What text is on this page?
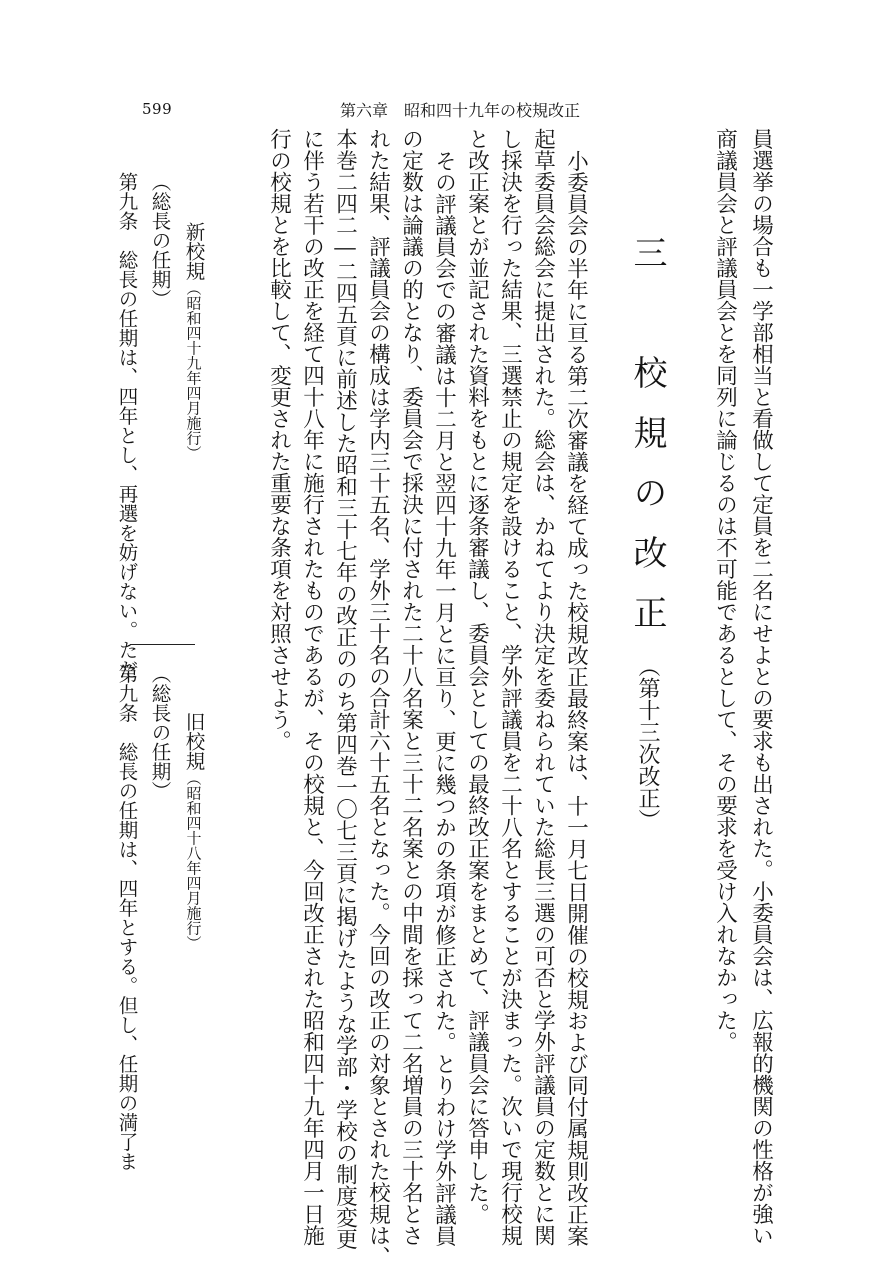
599	第六章　昭和四十九年の校規改正
員選挙の場合も一学部相当と看做して定員を二名にせよとの要求も出された。小委員会は、広報的機関の性格が強い
商議員会と評議員会とを同列に論じるのは不可能であるとして、その要求を受け入れなかった。
三　校規の改正（第十三次改正）
小委員会の半年に亘る第二次審議を経て成った校規改正最終案は、十一月七日開催の校規および同付属規則改正案
起草委員会総会に提出された。総会は、かねてより決定を委ねられていた総長三選の可否と学外評議員の定数とに関
し採決を行った結果、三選禁止の規定を設けること、学外評議員を二十八名とすることが決まった。次いで現行校規
と改正案とが並記された資料をもとに逐条審議し、委員会としての最終改正案をまとめて、評議員会に答申した。
その評議員会での審議は十二月と翌四十九年一月とに亘り、更に幾つかの条項が修正された。とりわけ学外評議員
の定数は論議の的となり、委員会で採決に付された二十八名案と三十二名案との中間を採って二名増員の三十名とさ
れた結果、評議員会の構成は学内三十五名、学外三十名の合計六十五名となった。今回の改正の対象とされた校規は、
本巻二四二―二四五頁に前述した昭和三十七年の改正ののち第四巻一〇七三頁に掲げたような学部・学校の制度変更
に伴う若干の改正を経て四十八年に施行されたものであるが、その校規と、今回改正された昭和四十九年四月一日施
行の校規とを比較して、変更された重要な条項を対照させよう。
新校規（昭和四十九年四月施行）
（総長の任期）
第九条　総長の任期は、四年とし、再選を妨げない。ただ
旧校規（昭和四十八年四月施行）
（総長の任期）
第九条　総長の任期は、四年とする。但し、任期の満了ま
